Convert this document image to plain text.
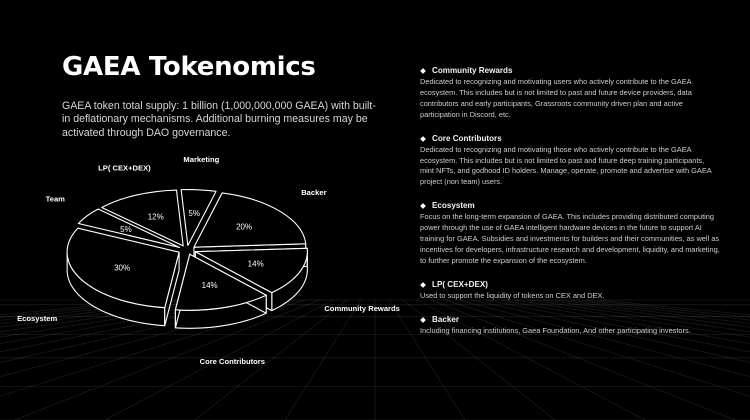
GAEA Tokenomics

GAEA token total supply: 1 billion (1,000,000,000 GAEA) with built-in deflationary mechanisms. Additional burning measures may be activated through DAO governance.

5%
20%
14%
14%
30%
5%
12%
Marketing
Backer
Community Rewards
Core Contributors
Ecosystem
Team
LP( CEX+DEX)
Community Rewards
Dedicated to recognizing and motivating users who actively contribute to the GAEA ecosystem. This includes but is not limited to past and future device providers, data contributors and early participants, Grassroots community driven plan and active participation in Discord, etc.
Core Contributors
Dedicated to recognizing and motivating those who actively contribute to the GAEA ecosystem. This includes but is not limited to past and future deep training participants, mint NFTs, and godhood ID holders. Manage, operate, promote and advertise with GAEA project (non team) users.
Ecosystem
Focus on the long-term expansion of GAEA. This includes providing distributed computing power through the use of GAEA intelligent hardware devices in the future to support AI training for GAEA. Subsidies and investments for builders and their communities, as well as incentives for developers, infrastructure research and development, liquidity, and marketing, to further promote the expansion of the ecosystem.
LP( CEX+DEX)
Used to support the liquidity of tokens on CEX and DEX.
Backer
Including financing institutions, Gaea Foundation, And other participating investors.
